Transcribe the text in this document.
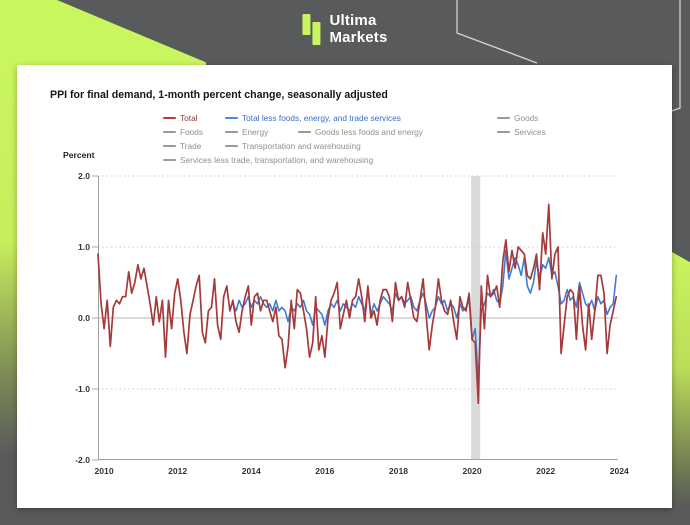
Ultima
Markets
PPI for final demand, 1-month percent change, seasonally adjusted
Total	Total less foods, energy, and trade services	Goods
Foods	Energy	Goods less foods and energy	Services
Trade	Transportation and warehousing
Services less trade, transportation, and warehousing
Percent
2.0
1.0
0.0
-1.0
-2.0
2010	2012	2014	2016	2018	2020	2022	2024
